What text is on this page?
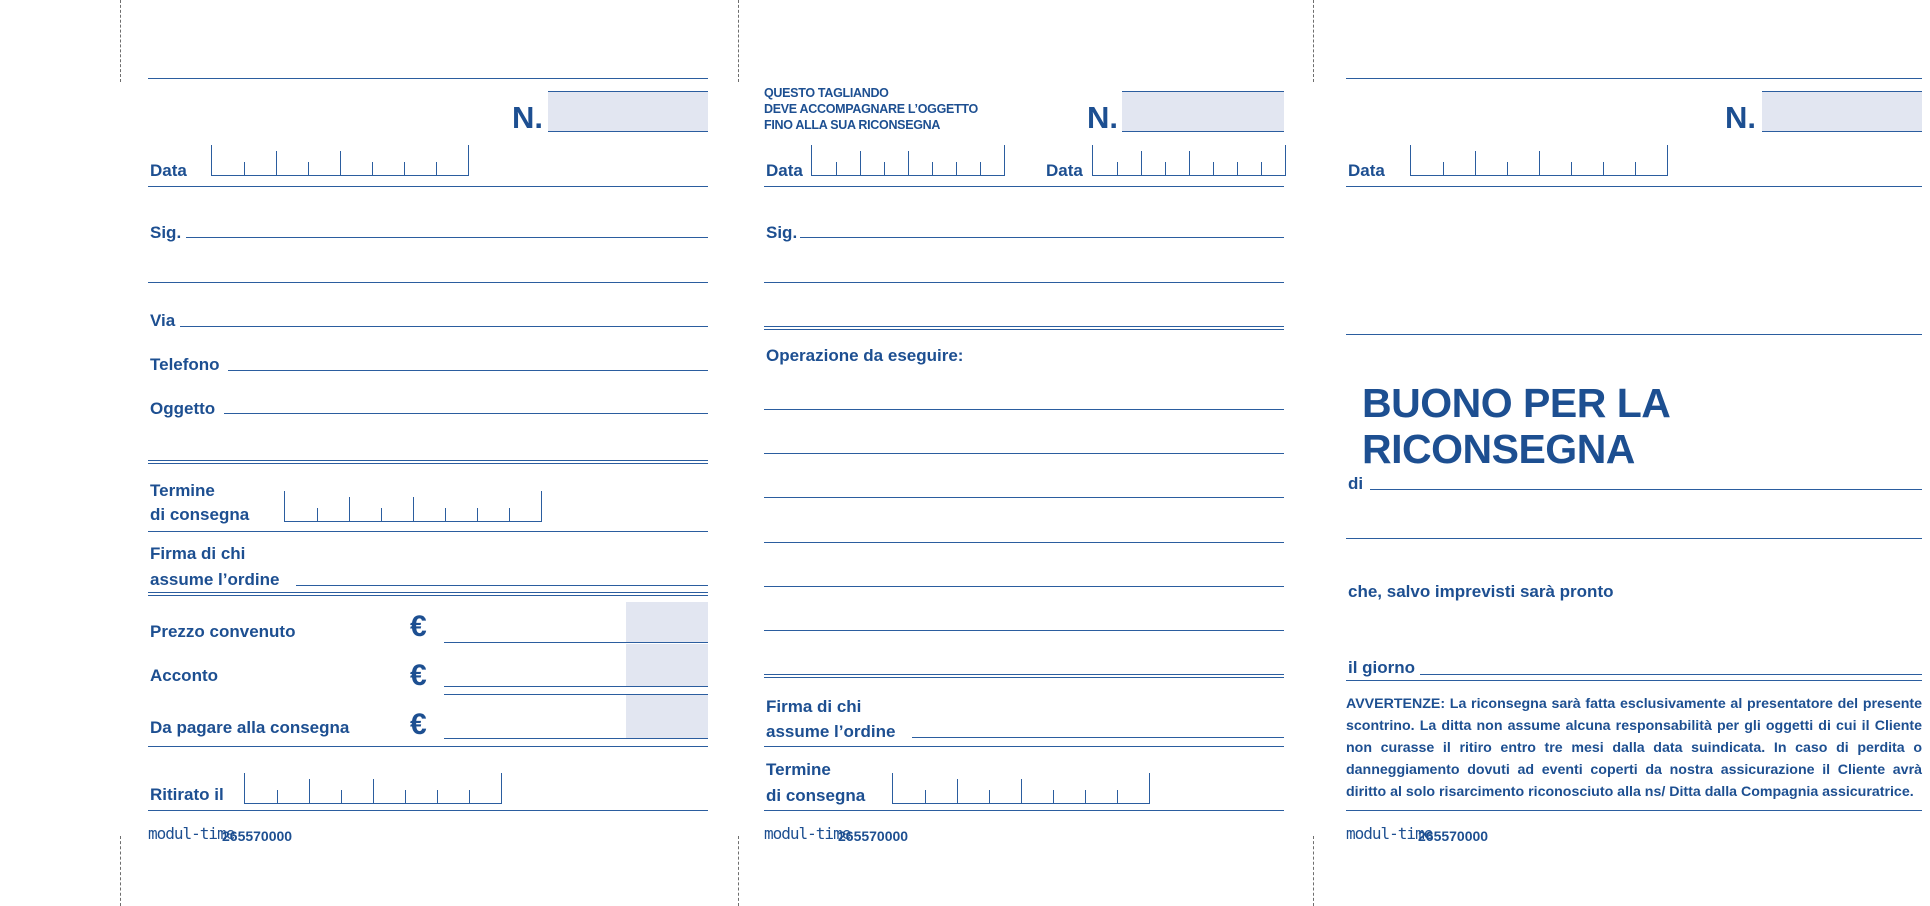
N.
Data
Sig.
Via
Telefono
Oggetto
Termine
di consegna
Firma di chi
assume l’ordine
Prezzo convenuto	€
Acconto	€
Da pagare alla consegna €
Ritirato il
modul-time
265570000
QUESTO TAGLIANDO
DEVE ACCOMPAGNARE L’OGGETTO
FINO ALLA SUA RICONSEGNA	N.
Data	Data
Sig.
Operazione da eseguire:
Firma di chi
assume l’ordine
Termine
di consegna
modul-time
265570000
N.
Data
BUONO PER LA RICONSEGNA
di
che, salvo imprevisti sarà pronto
il giorno
AVVERTENZE: La riconsegna sarà fatta esclusivamente al presentatore del presente scontrino. La ditta non assume alcuna responsabilità per gli oggetti di cui il Cliente non curasse il ritiro entro tre mesi dalla data suindicata. In caso di perdita o danneggiamento dovuti ad eventi coperti da nostra assicurazione il Cliente avrà diritto al solo risarcimento riconosciuto alla ns/ Ditta dalla Compagnia assicuratrice.
modul-time
265570000
